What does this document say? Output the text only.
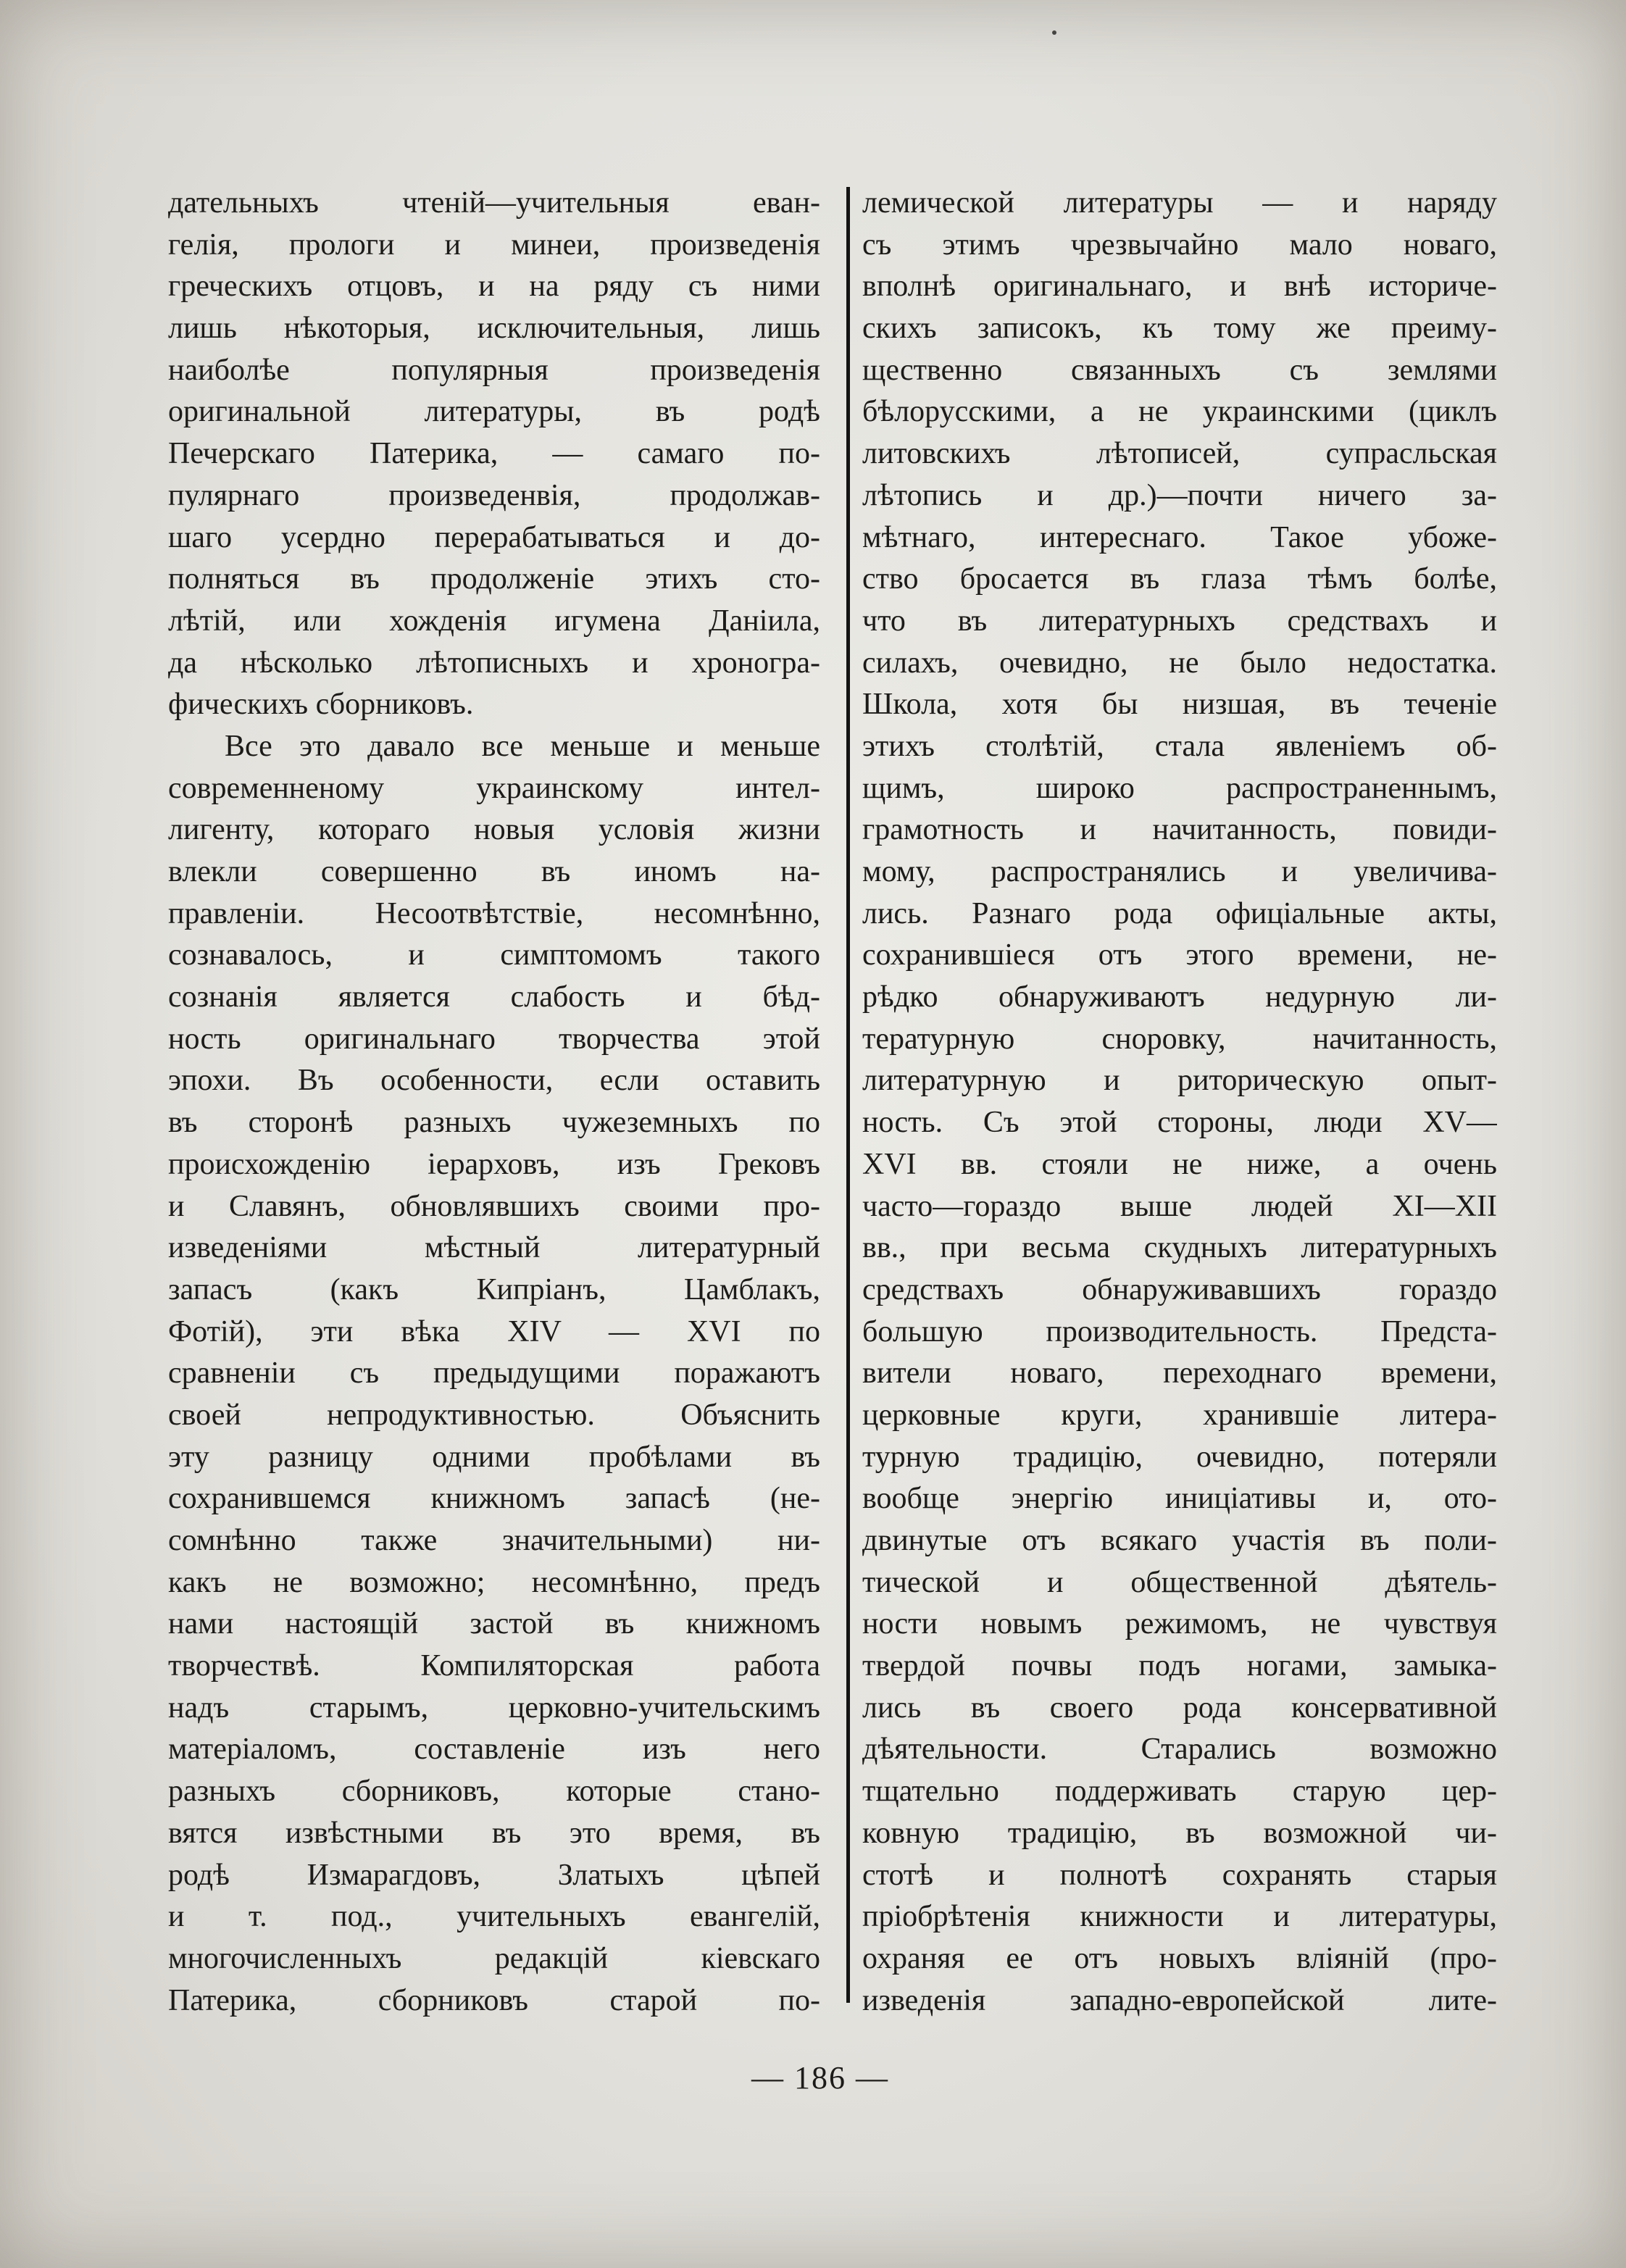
дательныхъ чтеній—учительныя еван-
гелія, прологи и минеи, произведенія
греческихъ отцовъ, и на ряду съ ними
лишь нѣкоторыя, исключительныя, лишь
наиболѣе популярныя произведенія
оригинальной литературы, въ родѣ
Печерскаго Патерика, — самаго по-
пулярнаго произведенвія, продолжав-
шаго усердно перерабатываться и до-
полняться въ продолженіе этихъ сто-
лѣтій, или хожденія игумена Даніила,
да нѣсколько лѣтописныхъ и хроногра-
фическихъ сборниковъ.
Все это давало все меньше и меньше
современненому украинскому интел-
лигенту, котораго новыя условія жизни
влекли совершенно въ иномъ на-
правленіи. Несоотвѣтствіе, несомнѣнно,
сознавалось, и симптомомъ такого
сознанія является слабость и бѣд-
ность оригинальнаго творчества этой
эпохи. Въ особенности, если оставить
въ сторонѣ разныхъ чужеземныхъ по
происхожденію іерарховъ, изъ Грековъ
и Славянъ, обновлявшихъ своими про-
изведеніями мѣстный литературный
запасъ (какъ Кипріанъ, Цамблакъ,
Фотій), эти вѣка XIV — XVI по
сравненіи съ предыдущими поражаютъ
своей непродуктивностью. Объяснить
эту разницу одними пробѣлами въ
сохранившемся книжномъ запасѣ (не-
сомнѣнно также значительными) ни-
какъ не возможно; несомнѣнно, предъ
нами настоящій застой въ книжномъ
творчествѣ. Компиляторская работа
надъ старымъ, церковно-учительскимъ
матеріаломъ, составленіе изъ него
разныхъ сборниковъ, которые стано-
вятся извѣстными въ это время, въ
родѣ Измарагдовъ, Златыхъ цѣпей
и т. под., учительныхъ евангелій,
многочисленныхъ редакцій кіевскаго
Патерика, сборниковъ старой по-
лемической литературы — и наряду
съ этимъ чрезвычайно мало новаго,
вполнѣ оригинальнаго, и внѣ историче-
скихъ записокъ, къ тому же преиму-
щественно связанныхъ съ землями
бѣлорусскими, а не украинскими (циклъ
литовскихъ лѣтописей, супрасльская
лѣтопись и др.)—почти ничего за-
мѣтнаго, интереснаго. Такое убоже-
ство бросается въ глаза тѣмъ болѣе,
что въ литературныхъ средствахъ и
силахъ, очевидно, не было недостатка.
Школа, хотя бы низшая, въ теченіе
этихъ столѣтій, стала явленіемъ об-
щимъ, широко распространеннымъ,
грамотность и начитанность, повиди-
мому, распространялись и увеличива-
лись. Разнаго рода офиціальные акты,
сохранившіеся отъ этого времени, не-
рѣдко обнаруживаютъ недурную ли-
тературную сноровку, начитанность,
литературную и риторическую опыт-
ность. Съ этой стороны, люди XV—
XVI вв. стояли не ниже, а очень
часто—гораздо выше людей XI—XII
вв., при весьма скудныхъ литературныхъ
средствахъ обнаруживавшихъ гораздо
большую производительность. Предста-
вители новаго, переходнаго времени,
церковные круги, хранившіе литера-
турную традицію, очевидно, потеряли
вообще энергію иниціативы и, ото-
двинутые отъ всякаго участія въ поли-
тической и общественной дѣятель-
ности новымъ режимомъ, не чувствуя
твердой почвы подъ ногами, замыка-
лись въ своего рода консервативной
дѣятельности. Старались возможно
тщательно поддерживать старую цер-
ковную традицію, въ возможной чи-
стотѣ и полнотѣ сохранять старыя
пріобрѣтенія книжности и литературы,
охраняя ее отъ новыхъ вліяній (про-
изведенія западно-европейской лите-
— 186 —
